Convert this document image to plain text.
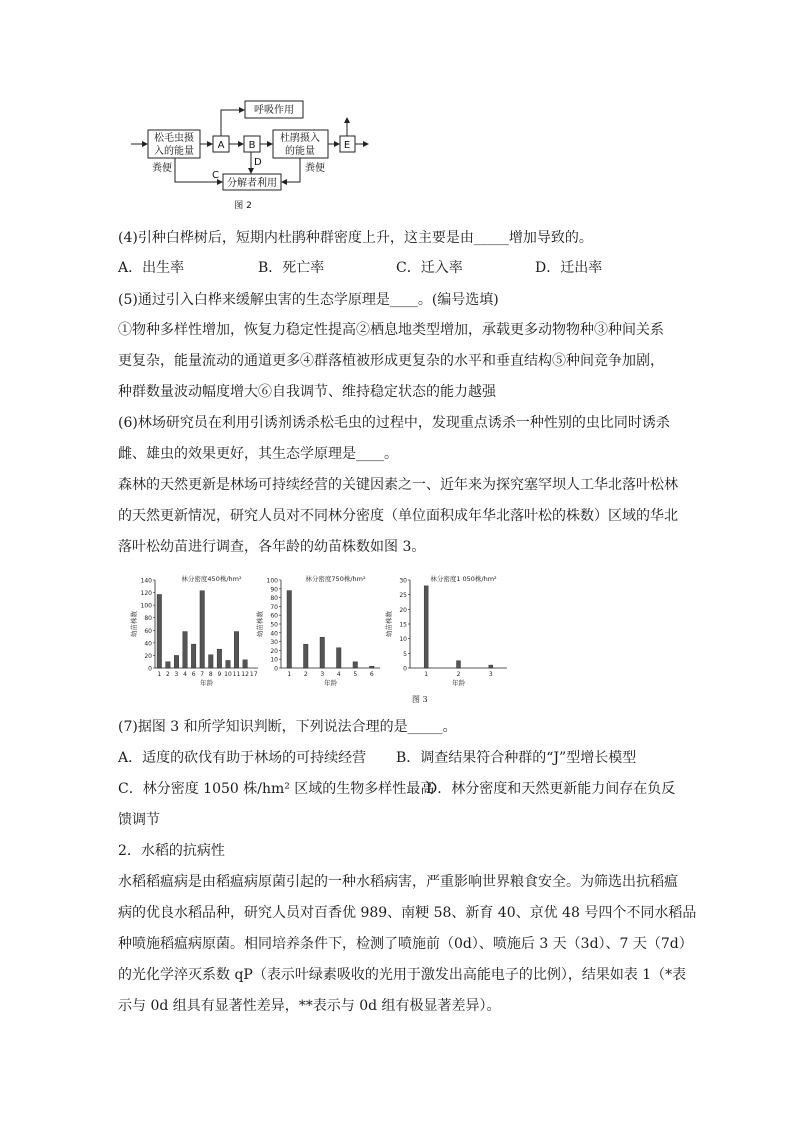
松毛虫摄
入的能量
A B
杜鹃摄入
的能量
E
呼吸作用
分解者利用
C
D
粪便	粪便
图 2
(4)引种白桦树后，短期内杜鹃种群密度上升，这主要是由_____增加导致的。
A．出生率	B．死亡率	C．迁入率	D．迁出率
(5)通过引入白桦来缓解虫害的生态学原理是____。(编号选填)
①物种多样性增加，恢复力稳定性提高②栖息地类型增加，承载更多动物物种③种间关系
更复杂，能量流动的通道更多④群落植被形成更复杂的水平和垂直结构⑤种间竞争加剧，
种群数量波动幅度增大⑥自我调节、维持稳定状态的能力越强
(6)林场研究员在利用引诱剂诱杀松毛虫的过程中，发现重点诱杀一种性别的虫比同时诱杀
雌、雄虫的效果更好，其生态学原理是____。
森林的天然更新是林场可持续经营的关键因素之一、近年来为探究塞罕坝人工华北落叶松林
的天然更新情况，研究人员对不同林分密度（单位面积成年华北落叶松的株数）区域的华北
落叶松幼苗进行调查，各年龄的幼苗株数如图 3。
0
20
40
60
80
100
120
140
1 2 3 4 6 7 8 9 10 11 12 17
林分密度450株/hm²
年龄
幼苗株数
0
10
20
30
40
50
60
70
80
90
100
1 2 3 4 5 6
林分密度750株/hm²
年龄
幼苗株数
0
5
10
15
20
25
30
1	2	3
林分密度1 050株/hm²
年龄
幼苗株数
图 3
(7)据图 3 和所学知识判断，下列说法合理的是_____。
A．适度的砍伐有助于林场的可持续经营 B．调查结果符合种群的“J”型增长模型
C．林分密度 1050 株/hm² 区域的生物多样性最高
D．林分密度和天然更新能力间存在负反
馈调节
2．水稻的抗病性
水稻稻瘟病是由稻瘟病原菌引起的一种水稻病害，严重影响世界粮食安全。为筛选出抗稻瘟
病的优良水稻品种，研究人员对百香优 989、南粳 58、新育 40、京优 48 号四个不同水稻品
种喷施稻瘟病原菌。相同培养条件下，检测了喷施前（0d）、喷施后 3 天（3d）、7 天（7d）
的光化学淬灭系数 qP（表示叶绿素吸收的光用于激发出高能电子的比例），结果如表 1（*表
示与 0d 组具有显著性差异，**表示与 0d 组有极显著差异）。
